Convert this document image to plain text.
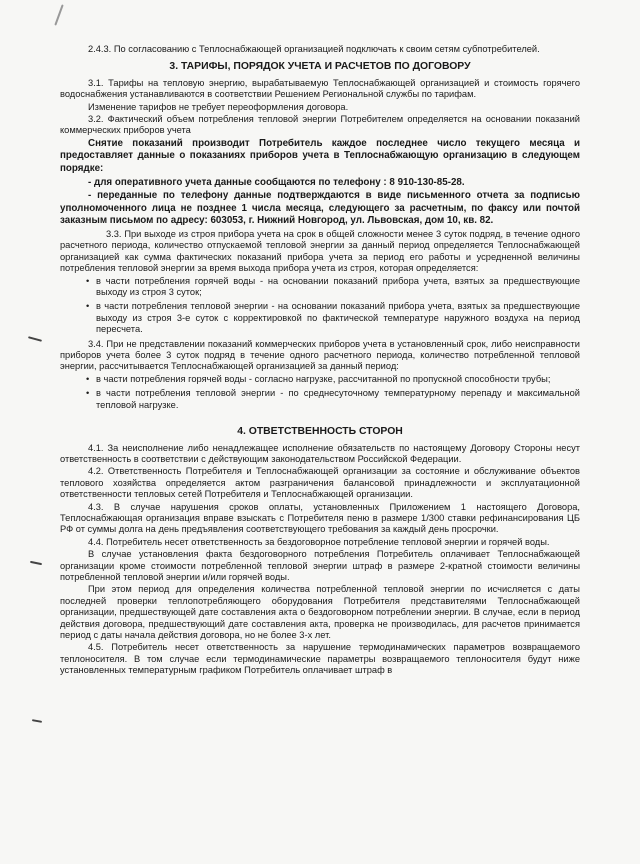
2.4.3. По согласованию с Теплоснабжающей организацией подключать к своим сетям субпотребителей.

3. ТАРИФЫ, ПОРЯДОК УЧЕТА И РАСЧЕТОВ ПО ДОГОВОРУ

3.1. Тарифы на тепловую энергию, вырабатываемую Теплоснабжающей организацией и стоимость горячего водоснабжения устанавливаются в соответствии Решением Региональной службы по тарифам.

Изменение тарифов не требует переоформления договора.

3.2. Фактический объем потребления тепловой энергии Потребителем определяется на основании показаний коммерческих приборов учета

Снятие показаний производит Потребитель каждое последнее число текущего месяца и предоставляет данные о показаниях приборов учета в Теплоснабжающую организацию в следующем порядке:

- для оперативного учета данные сообщаются по телефону : 8 910-130-85-28.

- переданные по телефону данные подтверждаются в виде письменного отчета за подписью уполномоченного лица не позднее 1 числа месяца, следующего за расчетным, по факсу или почтой заказным письмом по адресу: 603053, г. Нижний Новгород, ул. Львовская, дом 10, кв. 82.

3.3. При выходе из строя прибора учета на срок в общей сложности менее 3 суток подряд, в течение одного расчетного периода, количество отпускаемой тепловой энергии за данный период определяется Теплоснабжающей организацией как сумма фактических показаний прибора учета за период его работы и усредненной величины потребления тепловой энергии за время выхода прибора учета из строя, которая определяется:

• в части потребления горячей воды - на основании показаний прибора учета, взятых за предшествующие выходу из строя 3 суток;

• в части потребления тепловой энергии - на основании показаний прибора учета, взятых за предшествующие выходу из строя 3-е суток с корректировкой по фактической температуре наружного воздуха на период пересчета.

3.4. При не представлении показаний коммерческих приборов учета в установленный срок, либо неисправности приборов учета более 3 суток подряд в течение одного расчетного периода, количество потребленной тепловой энергии, рассчитывается Теплоснабжающей организацией за данный период:

• в части потребления горячей воды - согласно нагрузке, рассчитанной по пропускной способности трубы;

• в части потребления тепловой энергии - по среднесуточному температурному перепаду и максимальной тепловой нагрузке.

4. ОТВЕТСТВЕННОСТЬ СТОРОН

4.1. За неисполнение либо ненадлежащее исполнение обязательств по настоящему Договору Стороны несут ответственность в соответствии с действующим законодательством Российской Федерации.

4.2. Ответственность Потребителя и Теплоснабжающей организации за состояние и обслуживание объектов теплового хозяйства определяется актом разграничения балансовой принадлежности и эксплуатационной ответственности тепловых сетей Потребителя и Теплоснабжающей организации.

4.3. В случае нарушения сроков оплаты, установленных Приложением 1 настоящего Договора, Теплоснабжающая организация вправе взыскать с Потребителя пеню в размере 1/300 ставки рефинансирования ЦБ РФ от суммы долга на день предъявления соответствующего требования за каждый день просрочки.

4.4. Потребитель несет ответственность за бездоговорное потребление тепловой энергии и горячей воды.

В случае установления факта бездоговорного потребления Потребитель оплачивает Теплоснабжающей организации кроме стоимости потребленной тепловой энергии штраф в размере 2-кратной стоимости величины потребленной тепловой энергии и/или горячей воды.

При этом период для определения количества потребленной тепловой энергии по исчисляется с даты последней проверки теплопотребляющего оборудования Потребителя представителями Теплоснабжающей организации, предшествующей дате составления акта о бездоговорном потреблении энергии. В случае, если в период действия договора, предшествующий дате составления акта, проверка не производилась, для расчетов принимается период с даты начала действия договора, но не более 3-х лет.

4.5. Потребитель несет ответственность за нарушение термодинамических параметров возвращаемого теплоносителя. В том случае если термодинамические параметры возвращаемого теплоносителя будут ниже установленных температурным графиком Потребитель оплачивает штраф в
